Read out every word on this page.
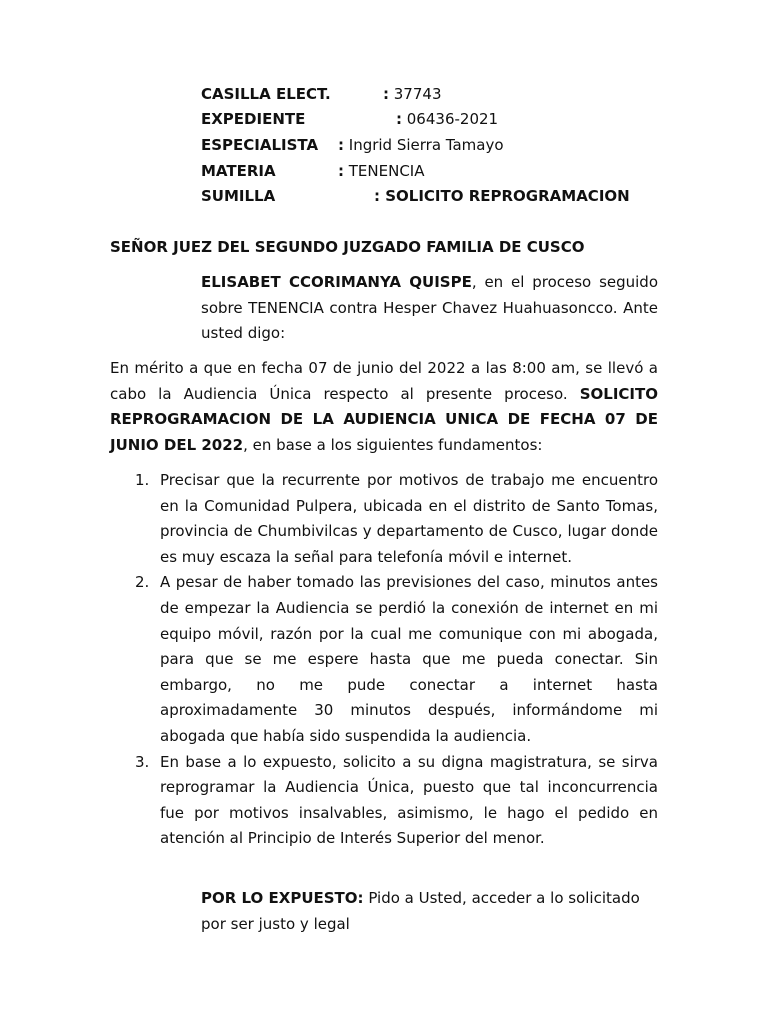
CASILLA ELECT.	: 37743
EXPEDIENTE	: 06436-2021
ESPECIALISTA : Ingrid Sierra Tamayo
MATERIA	: TENENCIA
SUMILLA	: SOLICITO REPROGRAMACION
SEÑOR JUEZ DEL SEGUNDO JUZGADO FAMILIA DE CUSCO
ELISABET CCORIMANYA QUISPE, en el proceso seguido sobre TENENCIA contra Hesper Chavez Huahuasoncco. Ante usted digo:
En mérito a que en fecha 07 de junio del 2022 a las 8:00 am, se llevó a cabo la Audiencia Única respecto al presente proceso. SOLICITO REPROGRAMACION DE LA AUDIENCIA UNICA DE FECHA 07 DE JUNIO DEL 2022, en base a los siguientes fundamentos:
1. Precisar que la recurrente por motivos de trabajo me encuentro en la Comunidad Pulpera, ubicada en el distrito de Santo Tomas, provincia de Chumbivilcas y departamento de Cusco, lugar donde es muy escaza la señal para telefonía móvil e internet.
2. A pesar de haber tomado las previsiones del caso, minutos antes de empezar la Audiencia se perdió la conexión de internet en mi equipo móvil, razón por la cual me comunique con mi abogada, para que se me espere hasta que me pueda conectar. Sin embargo, no me pude conectar a internet hasta aproximadamente 30 minutos después, informándome mi abogada que había sido suspendida la audiencia.
3. En base a lo expuesto, solicito a su digna magistratura, se sirva reprogramar la Audiencia Única, puesto que tal inconcurrencia fue por motivos insalvables, asimismo, le hago el pedido en atención al Principio de Interés Superior del menor.
POR LO EXPUESTO: Pido a Usted, acceder a lo solicitado por ser justo y legal
